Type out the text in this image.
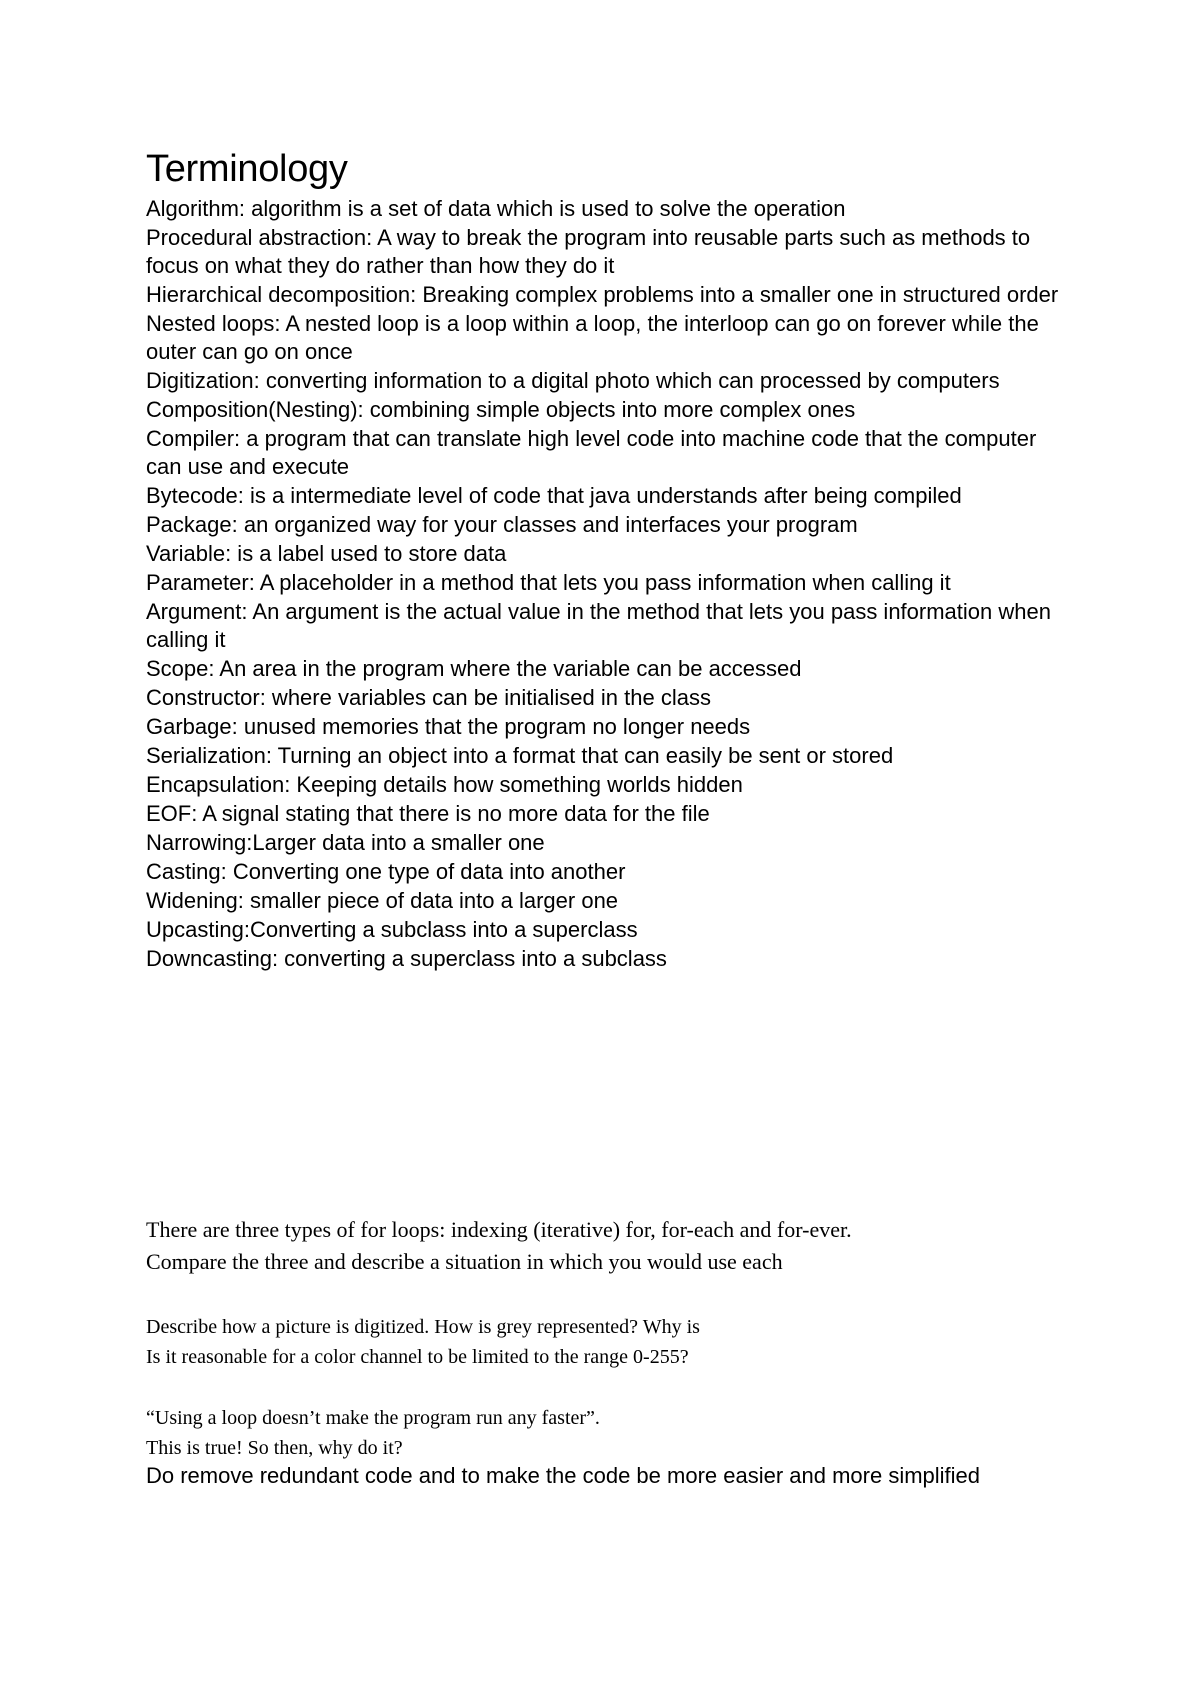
Terminology
Algorithm: algorithm is a set of data which is used to solve the operation
Procedural abstraction: A way to break the program into reusable parts such as methods to focus on what they do rather than how they do it
Hierarchical decomposition: Breaking complex problems into a smaller one in structured order
Nested loops: A nested loop is a loop within a loop, the interloop can go on forever while the outer can go on once
Digitization: converting information to a digital photo which can processed by computers
Composition(Nesting): combining simple objects into more complex ones
Compiler: a program that can translate high level code into machine code that the computer can use and execute
Bytecode: is a intermediate level of code that java understands after being compiled
Package: an organized way for your classes and interfaces your program
Variable: is a label used to store data
Parameter: A placeholder in a method that lets you pass information when calling it
Argument: An argument is the actual value in the method that lets you pass information when calling it
Scope: An area in the program where the variable can be accessed
Constructor: where variables can be initialised in the class
Garbage: unused memories that the program no longer needs
Serialization: Turning an object into a format that can easily be sent or stored
Encapsulation: Keeping details how something worlds hidden
EOF: A signal stating that there is no more data for the file
Narrowing:Larger data into a smaller one
Casting: Converting one type of data into another
Widening: smaller piece of data into a larger one
Upcasting:Converting a subclass into a superclass
Downcasting: converting a superclass into a subclass
There are three types of for loops: indexing (iterative) for, for-each and for-ever.
Compare the three and describe a situation in which you would use each
Describe how a picture is digitized. How is grey represented? Why is
Is it reasonable for a color channel to be limited to the range 0-255?
“Using a loop doesn’t make the program run any faster”.
This is true! So then, why do it?

Do remove redundant code and to make the code be more easier and more simplified
